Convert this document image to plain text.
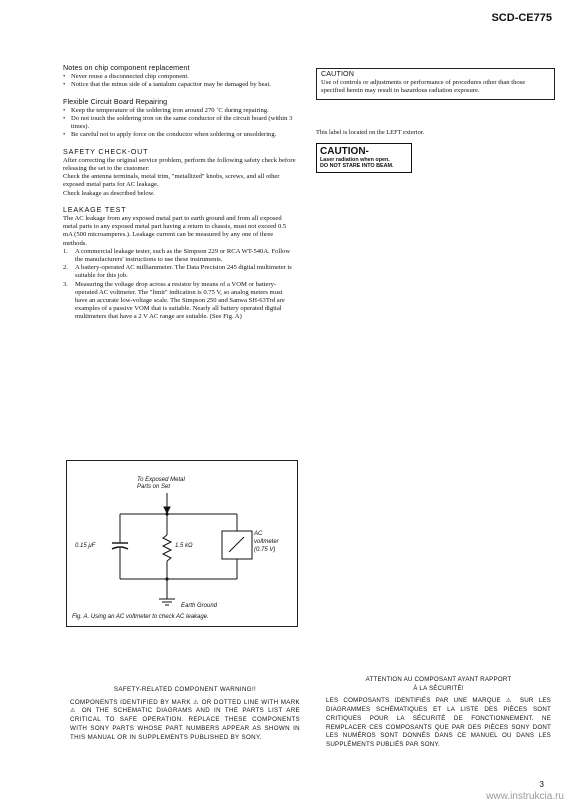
SCD-CE775
Notes on chip component replacement
• Never reuse a disconnected chip component.

• Notice that the minus side of a tantalum capacitor may be damaged by heat.

Flexible Circuit Board Repairing
• Keep the temperature of the soldering iron around 270 ˚C during repairing.

• Do not touch the soldering iron on the same conductor of the circuit board (within 3 times).

• Be careful not to apply force on the conductor when soldering or unsoldering.

SAFETY CHECK-OUT

After correcting the original service problem, perform the following safety check before releasing the set to the customer:

Check the antenna terminals, metal trim, "metallized" knobs, screws, and all other exposed metal parts for AC leakage.

Check leakage as described below.

LEAKAGE TEST

The AC leakage from any exposed metal part to earth ground and from all exposed metal parts to any exposed metal part having a return to chassis, must not exceed 0.5 mA (500 microamperes.). Leakage current can be measured by any one of three methods.

1. A commercial leakage tester, such as the Simpson 229 or RCA WT-540A. Follow the manufacturers' instructions to use these instruments.

2. A battery-operated AC milliammeter. The Data Precision 245 digital multimeter is suitable for this job.

3. Measuring the voltage drop across a resistor by means of a VOM or battery-operated AC voltmeter. The "limit" indication is 0.75 V, so analog meters must have an accurate low-voltage scale. The Simpson 250 and Sanwa SH-63Trd are examples of a passive VOM that is suitable. Nearly all battery operated digital multimeters that have a 2 V AC range are suitable. (See Fig. A)

CAUTION

Use of controls or adjustments or performance of procedures other than those specified herein may result in hazardous radiation exposure.

This label is located on the LEFT exterior.
CAUTION-
Laser radiation when open.
DO NOT STARE INTO BEAM.
To Exposed Metal
Parts on Set
0.15 μF	1.5 kΩ
AC
voltmeter
(0.75 V)
Earth Ground
Fig. A. Using an AC voltmeter to check AC leakage.
SAFETY-RELATED COMPONENT WARNING!!
COMPONENTS IDENTIFIED BY MARK ⚠ OR DOTTED LINE WITH MARK ⚠ ON THE SCHEMATIC DIAGRAMS AND IN THE PARTS LIST ARE CRITICAL TO SAFE OPERATION. REPLACE THESE COMPONENTS WITH SONY PARTS WHOSE PART NUMBERS APPEAR AS SHOWN IN THIS MANUAL OR IN SUPPLEMENTS PUBLISHED BY SONY.
ATTENTION AU COMPOSANT AYANT RAPPORT
À LA SÉCURITÉ!
LES COMPOSANTS IDENTIFIÉS PAR UNE MARQUE ⚠ SUR LES DIAGRAMMES SCHÉMATIQUES ET LA LISTE DES PIÈCES SONT CRITIQUES POUR LA SÉCURITÉ DE FONCTIONNEMENT. NE REMPLACER CES COMPOSANTS QUE PAR DES PIÈCES SONY DONT LES NUMÉROS SONT DONNÉS DANS CE MANUEL OU DANS LES SUPPLÉMENTS PUBLIÉS PAR SONY.
3
www.instrukcia.ru
